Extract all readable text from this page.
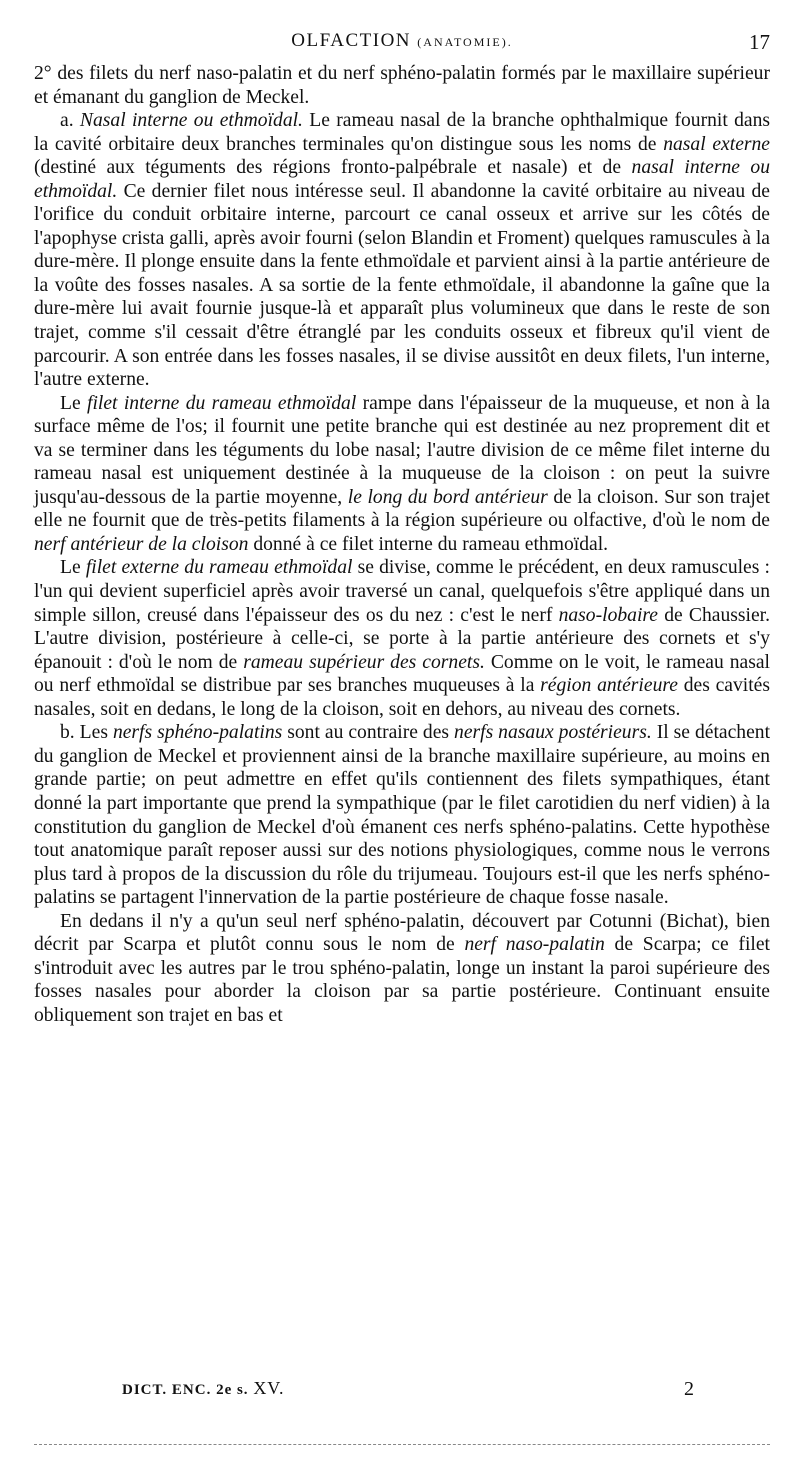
OLFACTION (ANATOMIE).	17

2° des filets du nerf naso-palatin et du nerf sphéno-palatin formés par le maxillaire supérieur et émanant du ganglion de Meckel.

a. Nasal interne ou ethmoïdal. Le rameau nasal de la branche ophthalmique fournit dans la cavité orbitaire deux branches terminales qu'on distingue sous les noms de nasal externe (destiné aux téguments des régions fronto-palpébrale et nasale) et de nasal interne ou ethmoïdal. Ce dernier filet nous intéresse seul. Il abandonne la cavité orbitaire au niveau de l'orifice du conduit orbitaire interne, parcourt ce canal osseux et arrive sur les côtés de l'apophyse crista galli, après avoir fourni (selon Blandin et Froment) quelques ramuscules à la dure-mère. Il plonge ensuite dans la fente ethmoïdale et parvient ainsi à la partie antérieure de la voûte des fosses nasales. A sa sortie de la fente ethmoïdale, il abandonne la gaîne que la dure-mère lui avait fournie jusque-là et apparaît plus volumineux que dans le reste de son trajet, comme s'il cessait d'être étranglé par les conduits osseux et fibreux qu'il vient de parcourir. A son entrée dans les fosses nasales, il se divise aussitôt en deux filets, l'un interne, l'autre externe.

Le filet interne du rameau ethmoïdal rampe dans l'épaisseur de la muqueuse, et non à la surface même de l'os; il fournit une petite branche qui est destinée au nez proprement dit et va se terminer dans les téguments du lobe nasal; l'autre division de ce même filet interne du rameau nasal est uniquement destinée à la muqueuse de la cloison : on peut la suivre jusqu'au-dessous de la partie moyenne, le long du bord antérieur de la cloison. Sur son trajet elle ne fournit que de très-petits filaments à la région supérieure ou olfactive, d'où le nom de nerf antérieur de la cloison donné à ce filet interne du rameau ethmoïdal.

Le filet externe du rameau ethmoïdal se divise, comme le précédent, en deux ramuscules : l'un qui devient superficiel après avoir traversé un canal, quelquefois s'être appliqué dans un simple sillon, creusé dans l'épaisseur des os du nez : c'est le nerf naso-lobaire de Chaussier. L'autre division, postérieure à celle-ci, se porte à la partie antérieure des cornets et s'y épanouit : d'où le nom de rameau supérieur des cornets. Comme on le voit, le rameau nasal ou nerf ethmoïdal se distribue par ses branches muqueuses à la région antérieure des cavités nasales, soit en dedans, le long de la cloison, soit en dehors, au niveau des cornets.

b. Les nerfs sphéno-palatins sont au contraire des nerfs nasaux postérieurs. Il se détachent du ganglion de Meckel et proviennent ainsi de la branche maxillaire supérieure, au moins en grande partie; on peut admettre en effet qu'ils contiennent des filets sympathiques, étant donné la part importante que prend la sympathique (par le filet carotidien du nerf vidien) à la constitution du ganglion de Meckel d'où émanent ces nerfs sphéno-palatins. Cette hypothèse tout anatomique paraît reposer aussi sur des notions physiologiques, comme nous le verrons plus tard à propos de la discussion du rôle du trijumeau. Toujours est-il que les nerfs sphéno-palatins se partagent l'innervation de la partie postérieure de chaque fosse nasale.

En dedans il n'y a qu'un seul nerf sphéno-palatin, découvert par Cotunni (Bichat), bien décrit par Scarpa et plutôt connu sous le nom de nerf naso-palatin de Scarpa; ce filet s'introduit avec les autres par le trou sphéno-palatin, longe un instant la paroi supérieure des fosses nasales pour aborder la cloison par sa partie postérieure. Continuant ensuite obliquement son trajet en bas et

DICT. ENC. 2e s. XV.	2
